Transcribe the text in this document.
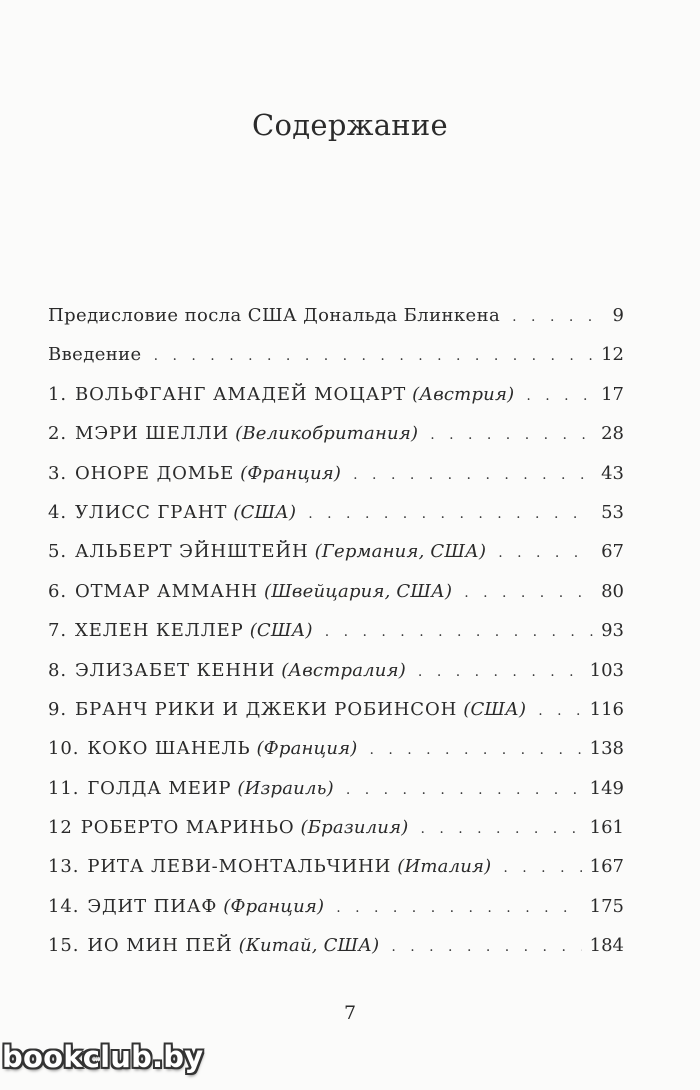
Содержание
Предисловие посла США Дональда Блинкена . . .	9
Введение . . .	12
1. ВОЛЬФГАНГ АМАДЕЙ МОЦАРТ (Австрия) . . .	17
2. МЭРИ ШЕЛЛИ (Великобритания) . . .	28
3. ОНОРЕ ДОМЬЕ (Франция) . . .	43
4. УЛИСС ГРАНТ (США) . . .	53
5. АЛЬБЕРТ ЭЙНШТЕЙН (Германия, США) . . .	67
6. ОТМАР АММАНН (Швейцария, США) . . .	80
7. ХЕЛЕН КЕЛЛЕР (США) . . .	93
8. ЭЛИЗАБЕТ КЕННИ (Австралия) . . .	103
9. БРАНЧ РИКИ И ДЖЕКИ РОБИНСОН (США) . . .	116
10. КОКО ШАНЕЛЬ (Франция) . . .	138
11. ГОЛДА МЕИР (Израиль) . . .	149
12 РОБЕРТО МАРИНЬО (Бразилия) . . .	161
13. РИТА ЛЕВИ-МОНТАЛЬЧИНИ (Италия) . . .	167
14. ЭДИТ ПИАФ (Франция) . . .	175
15. ИО МИН ПЕЙ (Китай, США) . . .	184
7
bookclub.by
